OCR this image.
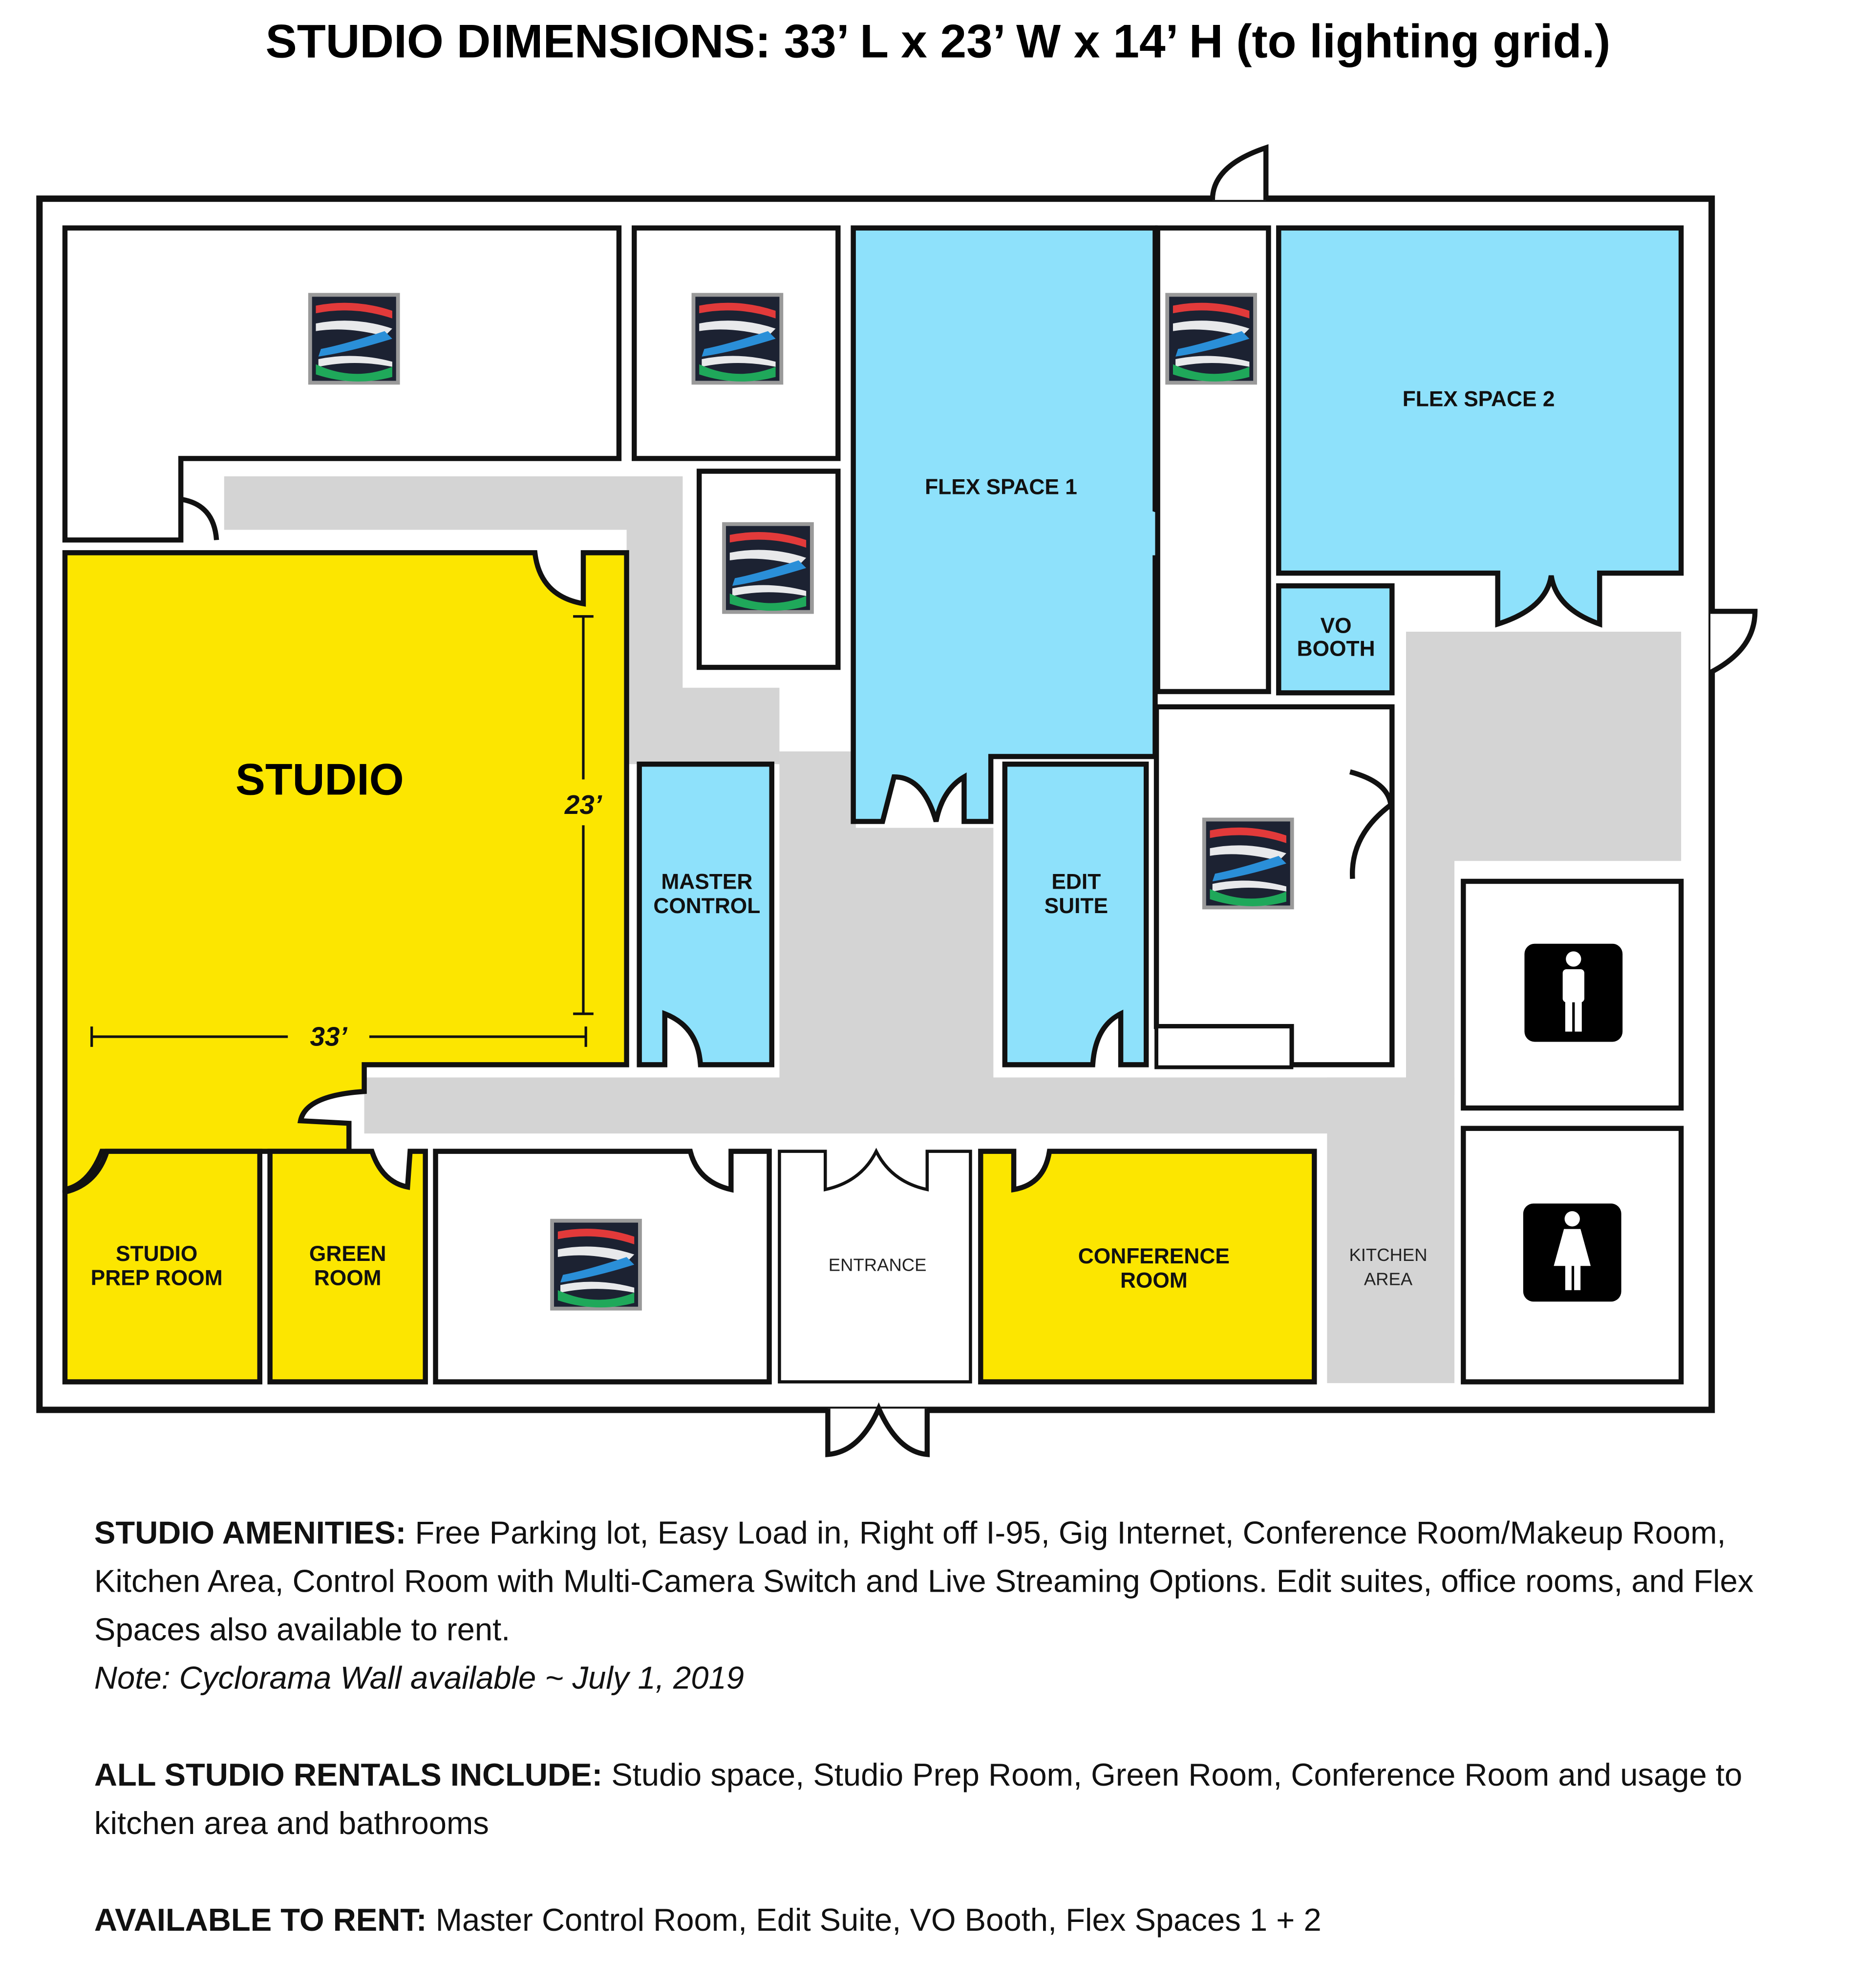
STUDIO DIMENSIONS: 33’ L x 23’ W x 14’ H (to lighting grid.)
STUDIO
23’
33’
FLEX SPACE 1
FLEX SPACE 2
VO
BOOTH
MASTER
CONTROL
EDIT
SUITE
STUDIO
PREP ROOM
GREEN
ROOM
ENTRANCE	CONFERENCE
ROOM
KITCHEN
AREA

STUDIO AMENITIES: Free Parking lot, Easy Load in, Right off I-95, Gig Internet, Conference Room/Makeup Room, Kitchen Area, Control Room with Multi-Camera Switch and Live Streaming Options. Edit suites, office rooms, and Flex Spaces also available to rent.

Note: Cyclorama Wall available ~ July 1, 2019

ALL STUDIO RENTALS INCLUDE: Studio space, Studio Prep Room, Green Room, Conference Room and usage to kitchen area and bathrooms

AVAILABLE TO RENT: Master Control Room, Edit Suite, VO Booth, Flex Spaces 1 + 2
